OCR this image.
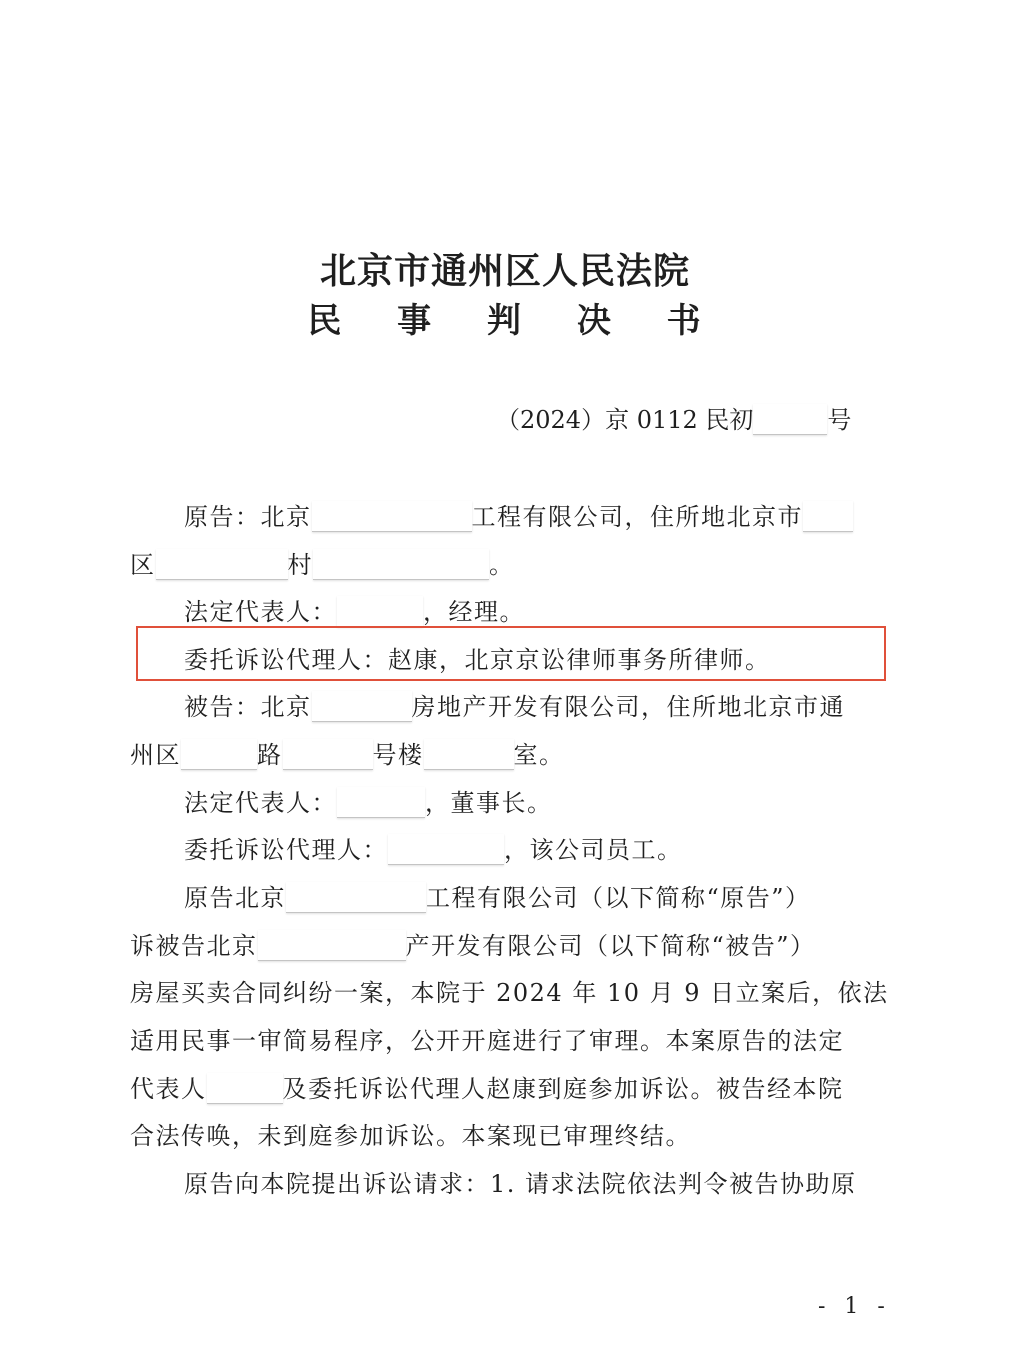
北京市通州区人民法院
民 事 判 决 书
（2024）京 0112 民初	号
原告：北京	工程有限公司，住所地北京市
区	村	。
法定代表人：	，经理。
委托诉讼代理人：赵康，北京京讼律师事务所律师。
被告：北京	房地产开发有限公司，住所地北京市通
州区	路	号楼	室。
法定代表人：	，董事长。
委托诉讼代理人：	，该公司员工。
原告北京	工程有限公司（以下简称“原告”）
诉被告北京	产开发有限公司（以下简称“被告”）
房屋买卖合同纠纷一案，本院于 2024 年 10 月 9 日立案后，依法
适用民事一审简易程序，公开开庭进行了审理。本案原告的法定
代表人	及委托诉讼代理人赵康到庭参加诉讼。被告经本院
合法传唤，未到庭参加诉讼。本案现已审理终结。
原告向本院提出诉讼请求：1. 请求法院依法判令被告协助原
- 1 -
